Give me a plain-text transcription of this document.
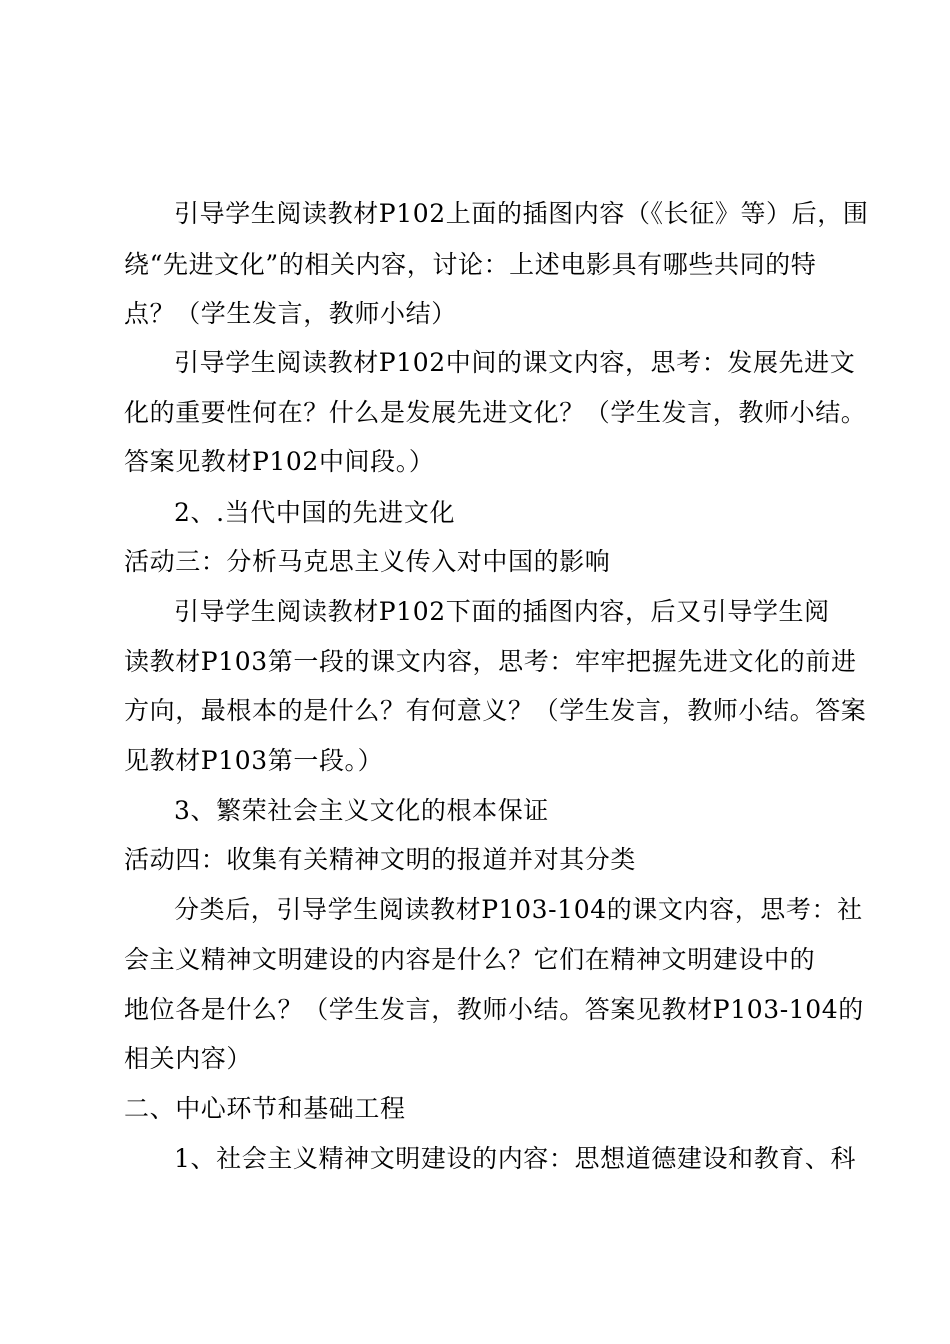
引导学生阅读教材P102上面的插图内容（《长征》等）后，围
绕“先进文化”的相关内容，讨论：上述电影具有哪些共同的特
点？（学生发言，教师小结）
引导学生阅读教材P102中间的课文内容，思考：发展先进文
化的重要性何在？什么是发展先进文化？（学生发言，教师小结。
答案见教材P102中间段。）
2、.当代中国的先进文化
活动三：分析马克思主义传入对中国的影响
引导学生阅读教材P102下面的插图内容，后又引导学生阅
读教材P103第一段的课文内容，思考：牢牢把握先进文化的前进
方向，最根本的是什么？有何意义？（学生发言，教师小结。答案
见教材P103第一段。）
3、繁荣社会主义文化的根本保证
活动四：收集有关精神文明的报道并对其分类
分类后，引导学生阅读教材P103-104的课文内容，思考：社
会主义精神文明建设的内容是什么？它们在精神文明建设中的
地位各是什么？（学生发言，教师小结。答案见教材P103-104的
相关内容）
二、中心环节和基础工程
1、社会主义精神文明建设的内容：思想道德建设和教育、科
